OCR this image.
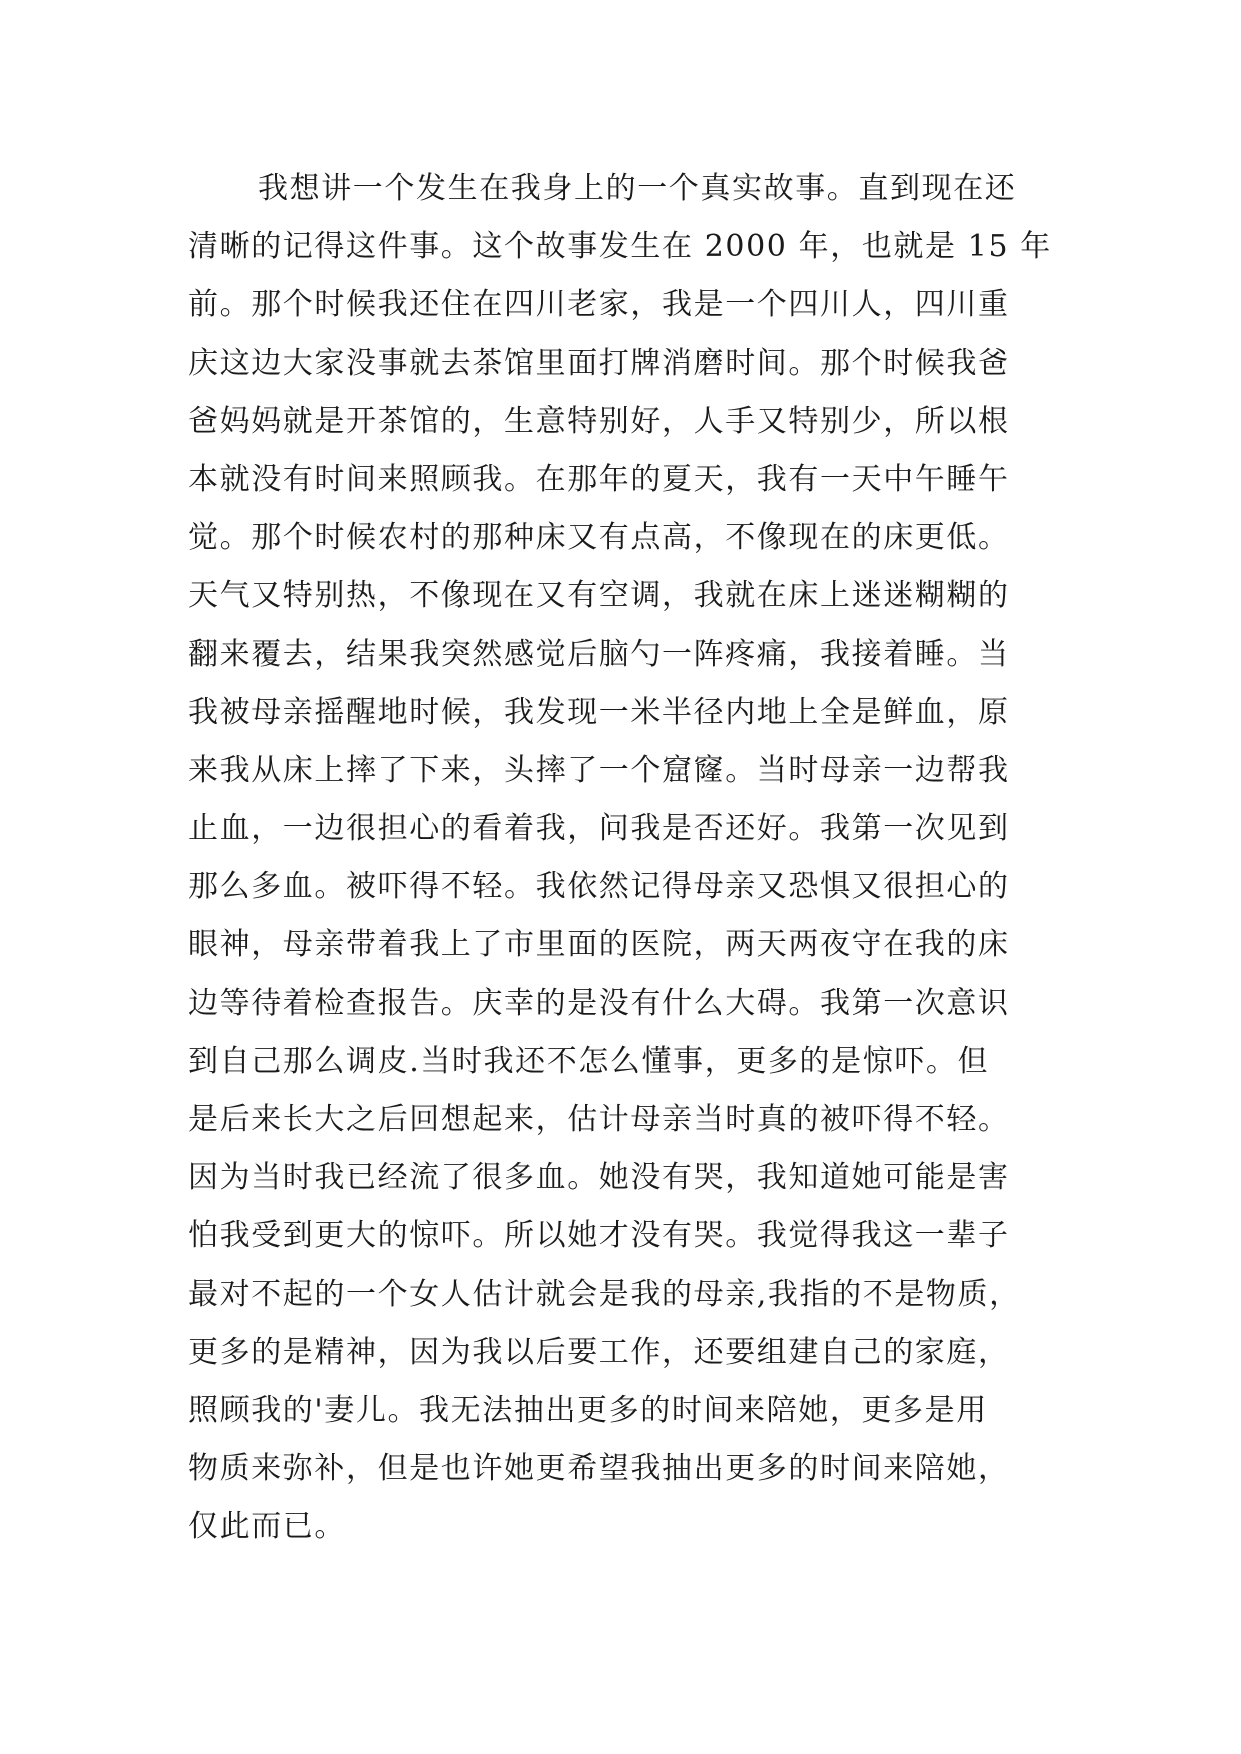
我想讲一个发生在我身上的一个真实故事。直到现在还
清晰的记得这件事。这个故事发生在 2000 年，也就是 15 年
前。那个时候我还住在四川老家，我是一个四川人，四川重
庆这边大家没事就去茶馆里面打牌消磨时间。那个时候我爸
爸妈妈就是开茶馆的，生意特别好，人手又特别少，所以根
本就没有时间来照顾我。在那年的夏天，我有一天中午睡午
觉。那个时候农村的那种床又有点高，不像现在的床更低。
天气又特别热，不像现在又有空调，我就在床上迷迷糊糊的
翻来覆去，结果我突然感觉后脑勺一阵疼痛，我接着睡。当
我被母亲摇醒地时候，我发现一米半径内地上全是鲜血，原
来我从床上摔了下来，头摔了一个窟窿。当时母亲一边帮我
止血，一边很担心的看着我，问我是否还好。我第一次见到
那么多血。被吓得不轻。我依然记得母亲又恐惧又很担心的
眼神，母亲带着我上了市里面的医院，两天两夜守在我的床
边等待着检查报告。庆幸的是没有什么大碍。我第一次意识
到自己那么调皮.当时我还不怎么懂事，更多的是惊吓。但
是后来长大之后回想起来，估计母亲当时真的被吓得不轻。
因为当时我已经流了很多血。她没有哭，我知道她可能是害
怕我受到更大的惊吓。所以她才没有哭。我觉得我这一辈子
最对不起的一个女人估计就会是我的母亲,我指的不是物质，
更多的是精神，因为我以后要工作，还要组建自己的家庭，
照顾我的'妻儿。我无法抽出更多的时间来陪她，更多是用
物质来弥补，但是也许她更希望我抽出更多的时间来陪她，
仅此而已。
